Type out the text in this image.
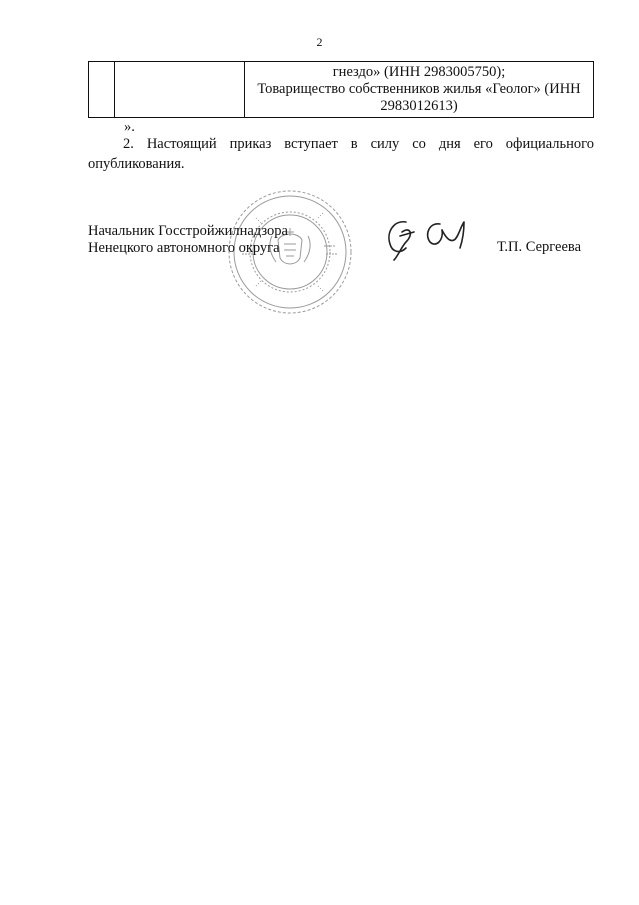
2

гнездо» (ИНН 2983005750);
Товарищество собственников жилья «Геолог» (ИНН
2983012613)
».

2. Настоящий приказ вступает в силу со дня его официального опубликования.

Начальник Госстройжилнадзора
Ненецкого автономного округа	Т.П. Сергеева
